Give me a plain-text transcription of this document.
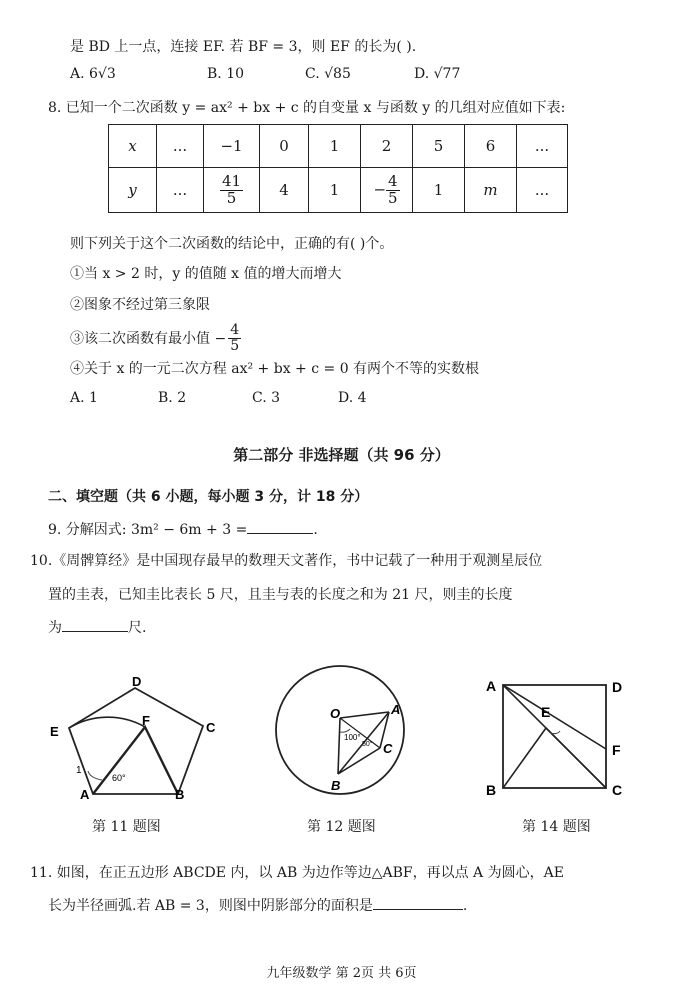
是 BD 上一点，连接 EF. 若 BF = 3，则 EF 的长为( ).
A. 6√3	B. 10	C. √85	D. √77
8. 已知一个二次函数 y = ax² + bx + c 的自变量 x 与函数 y 的几组对应值如下表:
x	...	−1	0	1	2	5	6	...
y	...	$\frac{41}{5}$	4	1	− $\frac{4}{5}$	1	m	...
则下列关于这个二次函数的结论中，正确的有( )个。
①当 x > 2 时，y 的值随 x 值的增大而增大
②图象不经过第三象限
③该二次函数有最小值 − $\frac{4}{5}$
④关于 x 的一元二次方程 ax² + bx + c = 0 有两个不等的实数根
A. 1	B. 2	C. 3	D. 4
第二部分 非选择题（共 96 分）
二、填空题（共 6 小题，每小题 3 分，计 18 分）
9. 分解因式: 3m² − 6m + 3 =	.
10.《周髀算经》是中国现存最早的数理天文著作，书中记载了一种用于观测星辰位
置的圭表，已知圭比表长 5 尺，且圭与表的长度之和为 21 尺，则圭的长度
为	尺.
D
C
E
F
A	B
1
60°
第 11 题图
O	A
B
C
100°
50°
第 12 题图
A	D
E
F
B	C
第 14 题图
11. 如图，在正五边形 ABCDE 内，以 AB 为边作等边△ABF，再以点 A 为圆心，AE
长为半径画弧.若 AB = 3，则图中阴影部分的面积是	.
九年级数学 第 2页 共 6页
